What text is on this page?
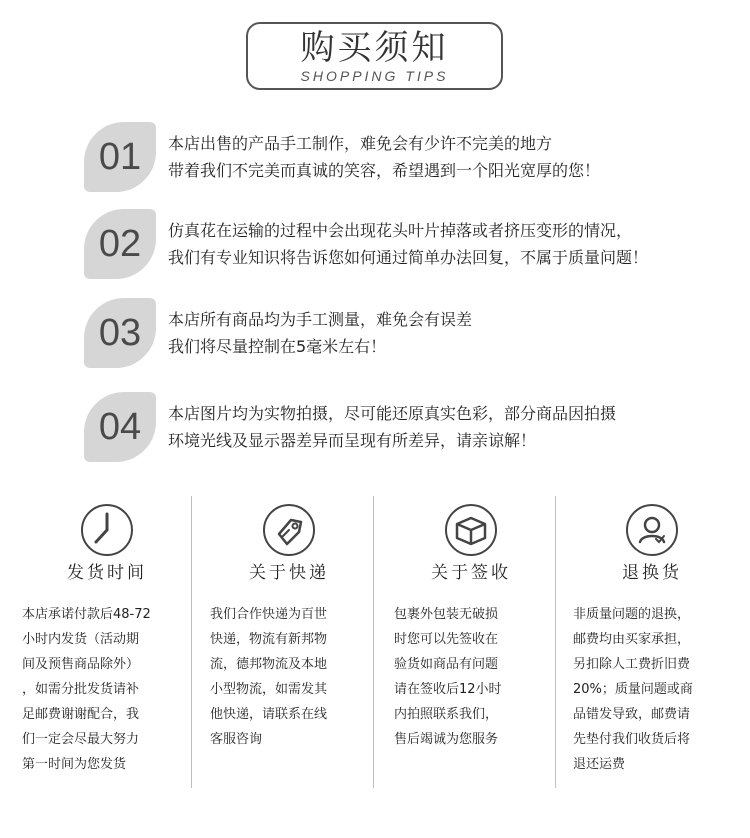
购买须知
SHOPPING TIPS
01	本店出售的产品手工制作，难免会有少许不完美的地方
带着我们不完美而真诚的笑容，希望遇到一个阳光宽厚的您！
02	仿真花在运输的过程中会出现花头叶片掉落或者挤压变形的情况，
我们有专业知识将告诉您如何通过简单办法回复，不属于质量问题！
03	本店所有商品均为手工测量，难免会有误差
我们将尽量控制在5毫米左右！
04	本店图片均为实物拍摄，尽可能还原真实色彩，部分商品因拍摄
环境光线及显示器差异而呈现有所差异，请亲谅解！
发货时间
本店承诺付款后48-72
小时内发货（活动期
间及预售商品除外）
，如需分批发货请补
足邮费谢谢配合，我
们一定会尽最大努力
第一时间为您发货
关于快递
我们合作快递为百世
快递，物流有新邦物
流，德邦物流及本地
小型物流，如需发其
他快递，请联系在线
客服咨询
关于签收
包裹外包装无破损
时您可以先签收在
验货如商品有问题
请在签收后12小时
内拍照联系我们，
售后竭诚为您服务
退换货
非质量问题的退换，
邮费均由买家承担，
另扣除人工费折旧费
20%；质量问题或商
品错发导致，邮费请
先垫付我们收货后将
退还运费
